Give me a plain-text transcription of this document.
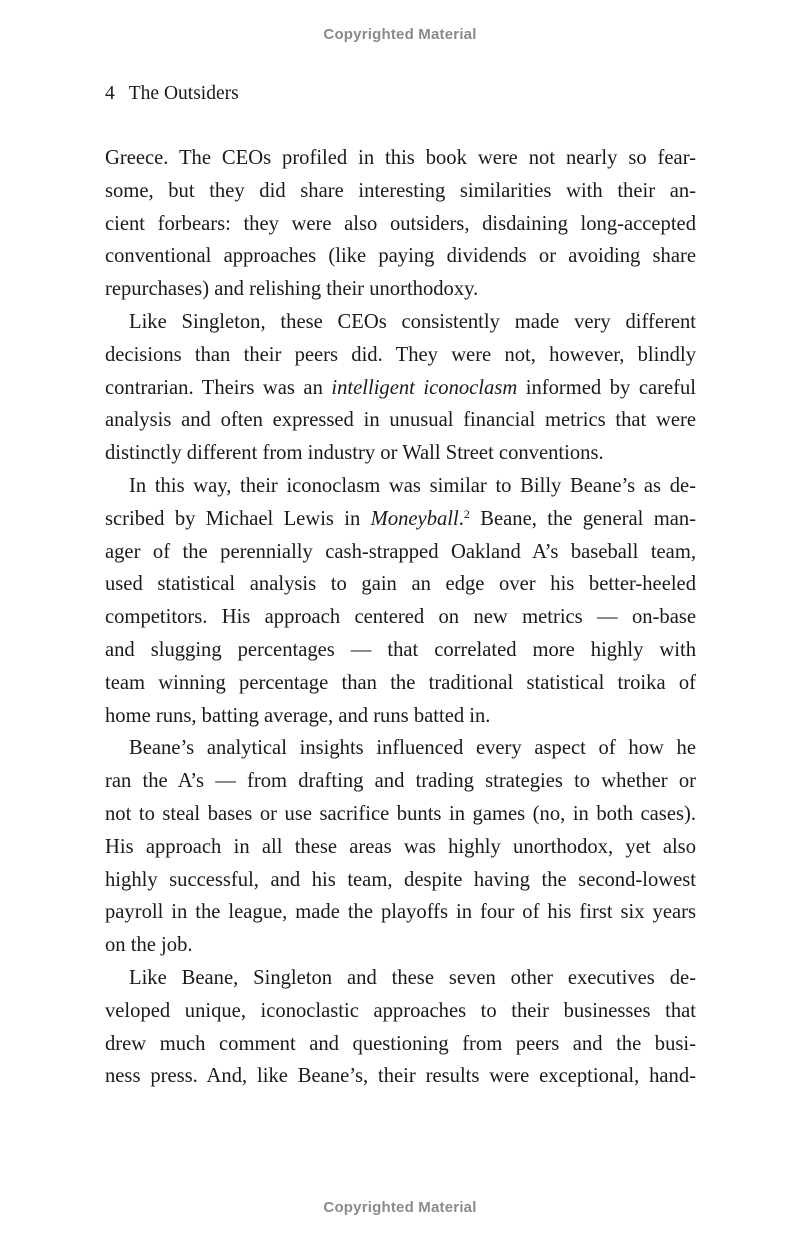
Copyrighted Material
4 The Outsiders
Greece. The CEOs profiled in this book were not nearly so fear-
some, but they did share interesting similarities with their an-
cient forbears: they were also outsiders, disdaining long-accepted
conventional approaches (like paying dividends or avoiding share
repurchases) and relishing their unorthodoxy.
Like Singleton, these CEOs consistently made very different
decisions than their peers did. They were not, however, blindly
contrarian. Theirs was an intelligent iconoclasm informed by careful
analysis and often expressed in unusual financial metrics that were
distinctly different from industry or Wall Street conventions.
In this way, their iconoclasm was similar to Billy Beane’s as de-
scribed by Michael Lewis in Moneyball.$^2$ Beane, the general man-
ager of the perennially cash-strapped Oakland A’s baseball team,
used statistical analysis to gain an edge over his better-heeled
competitors. His approach centered on new metrics — on-base
and slugging percentages — that correlated more highly with
team winning percentage than the traditional statistical troika of
home runs, batting average, and runs batted in.
Beane’s analytical insights influenced every aspect of how he
ran the A’s — from drafting and trading strategies to whether or
not to steal bases or use sacrifice bunts in games (no, in both cases).
His approach in all these areas was highly unorthodox, yet also
highly successful, and his team, despite having the second-lowest
payroll in the league, made the playoffs in four of his first six years
on the job.
Like Beane, Singleton and these seven other executives de-
veloped unique, iconoclastic approaches to their businesses that
drew much comment and questioning from peers and the busi-
ness press. And, like Beane’s, their results were exceptional, hand-
Copyrighted Material
